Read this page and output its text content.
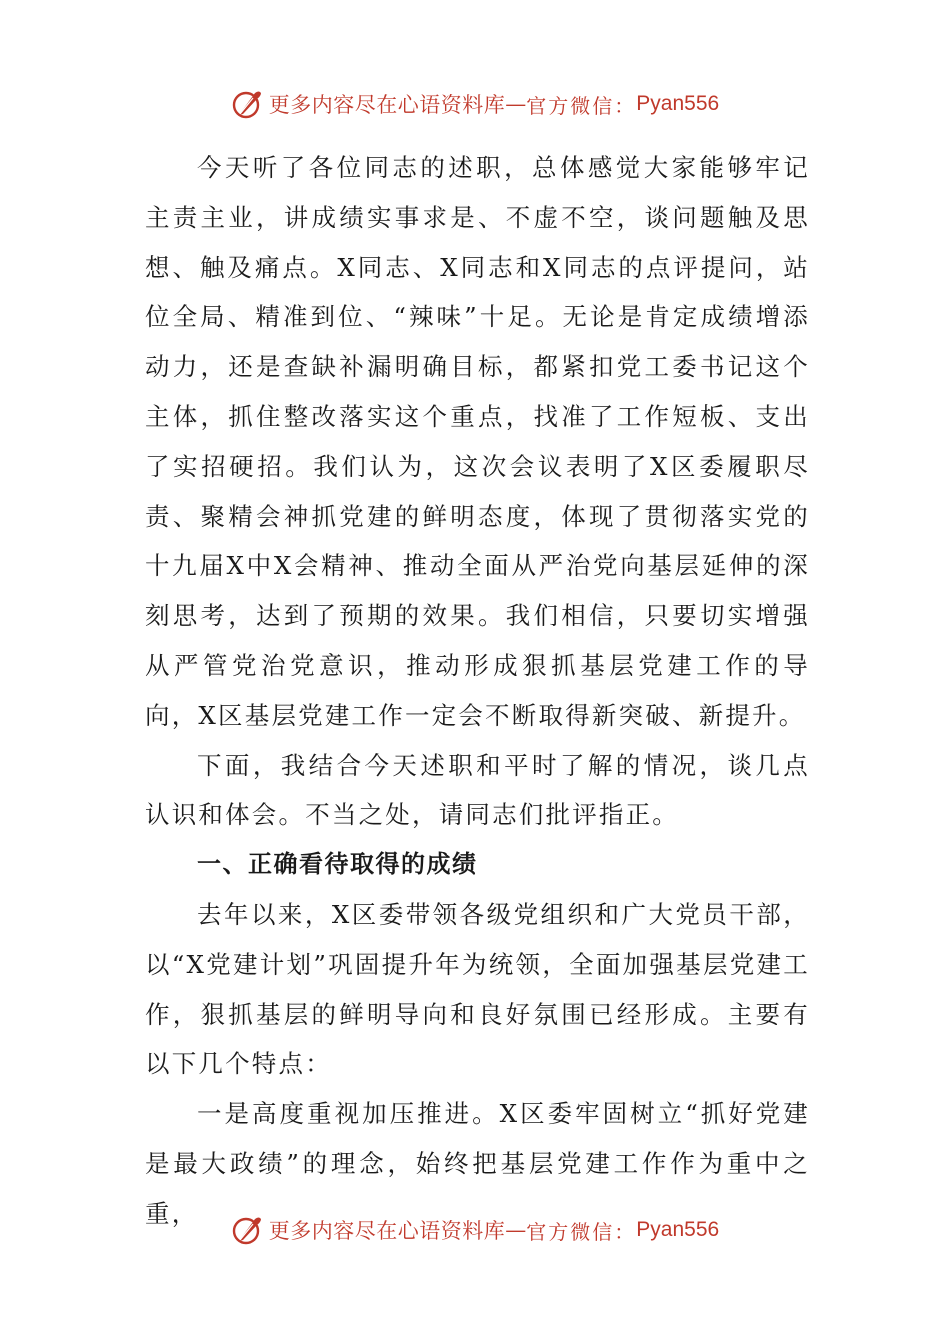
更多内容尽在心语资料库 — 官方微信： Pyan556

今天听了各位同志的述职，总体感觉大家能够牢记主责主业，讲成绩实事求是、不虚不空，谈问题触及思想、触及痛点。X同志、X同志和X同志的点评提问，站位全局、精准到位、“辣味”十足。无论是肯定成绩增添动力，还是查缺补漏明确目标，都紧扣党工委书记这个主体，抓住整改落实这个重点，找准了工作短板、支出了实招硬招。我们认为，这次会议表明了X区委履职尽责、聚精会神抓党建的鲜明态度，体现了贯彻落实党的十九届X中X会精神、推动全面从严治党向基层延伸的深刻思考，达到了预期的效果。我们相信，只要切实增强从严管党治党意识，推动形成狠抓基层党建工作的导向，X区基层党建工作一定会不断取得新突破、新提升。

下面，我结合今天述职和平时了解的情况，谈几点认识和体会。不当之处，请同志们批评指正。

一、正确看待取得的成绩

去年以来，X区委带领各级党组织和广大党员干部，以“X党建计划”巩固提升年为统领，全面加强基层党建工作，狠抓基层的鲜明导向和良好氛围已经形成。主要有以下几个特点：

一是高度重视加压推进。X区委牢固树立“抓好党建是最大政绩”的理念，始终把基层党建工作作为重中之重，

更多内容尽在心语资料库 — 官方微信： Pyan556
